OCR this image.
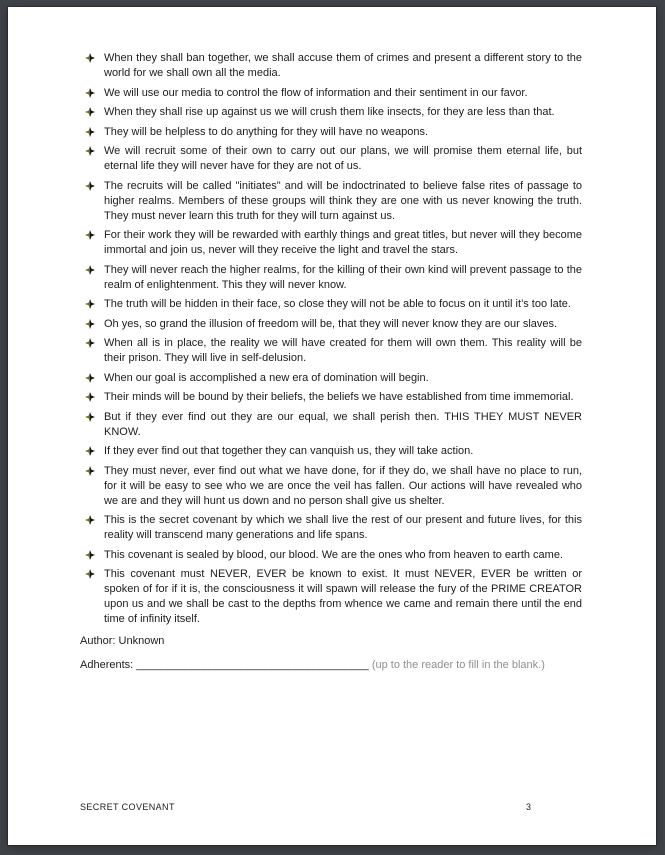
When they shall ban together, we shall accuse them of crimes and present a different story to the world for we shall own all the media.
We will use our media to control the flow of information and their sentiment in our favor.
When they shall rise up against us we will crush them like insects, for they are less than that.
They will be helpless to do anything for they will have no weapons.
We will recruit some of their own to carry out our plans, we will promise them eternal life, but eternal life they will never have for they are not of us.
The recruits will be called "initiates" and will be indoctrinated to believe false rites of passage to higher realms. Members of these groups will think they are one with us never knowing the truth. They must never learn this truth for they will turn against us.
For their work they will be rewarded with earthly things and great titles, but never will they become immortal and join us, never will they receive the light and travel the stars.
They will never reach the higher realms, for the killing of their own kind will prevent passage to the realm of enlightenment. This they will never know.
The truth will be hidden in their face, so close they will not be able to focus on it until it’s too late.
Oh yes, so grand the illusion of freedom will be, that they will never know they are our slaves.
When all is in place, the reality we will have created for them will own them. This reality will be their prison. They will live in self-delusion.
When our goal is accomplished a new era of domination will begin.
Their minds will be bound by their beliefs, the beliefs we have established from time immemorial.
But if they ever find out they are our equal, we shall perish then. THIS THEY MUST NEVER KNOW.
If they ever find out that together they can vanquish us, they will take action.
They must never, ever find out what we have done, for if they do, we shall have no place to run, for it will be easy to see who we are once the veil has fallen. Our actions will have revealed who we are and they will hunt us down and no person shall give us shelter.
This is the secret covenant by which we shall live the rest of our present and future lives, for this reality will transcend many generations and life spans.
This covenant is sealed by blood, our blood. We are the ones who from heaven to earth came.
This covenant must NEVER, EVER be known to exist. It must NEVER, EVER be written or spoken of for if it is, the consciousness it will spawn will release the fury of the PRIME CREATOR upon us and we shall be cast to the depths from whence we came and remain there until the end time of infinity itself.
Author: Unknown
Adherents: ______________________________________ (up to the reader to fill in the blank.)
SECRET COVENANT	3
